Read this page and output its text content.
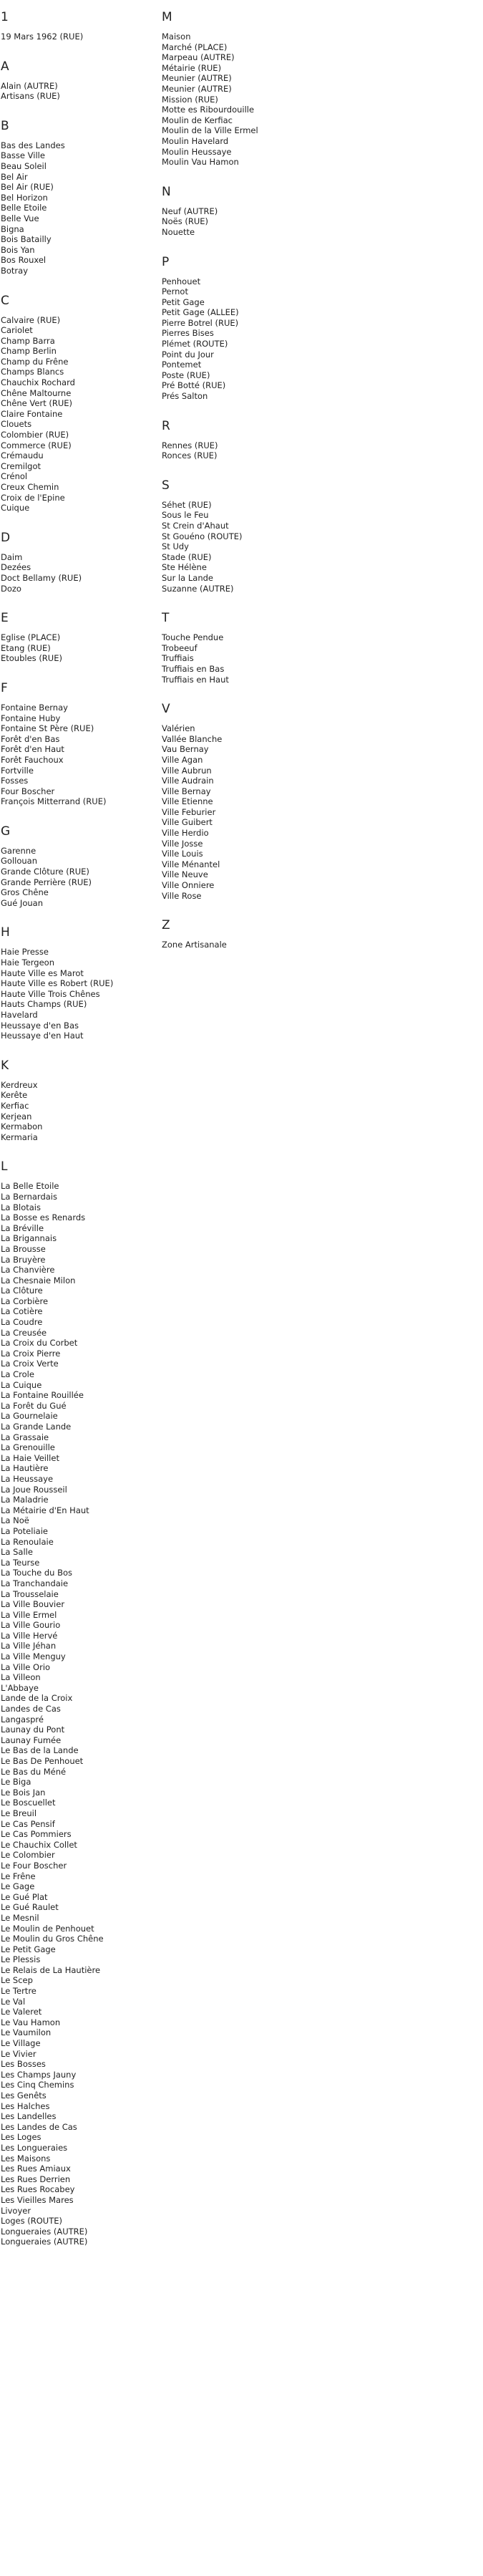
1
19 Mars 1962 (RUE)
A
Alain (AUTRE)
Artisans (RUE)
B
Bas des Landes
Basse Ville
Beau Soleil
Bel Air
Bel Air (RUE)
Bel Horizon
Belle Etoile
Belle Vue
Bigna
Bois Batailly
Bois Yan
Bos Rouxel
Botray
C
Calvaire (RUE)
Cariolet
Champ Barra
Champ Berlin
Champ du Frêne
Champs Blancs
Chauchix Rochard
Chêne Maltourne
Chêne Vert (RUE)
Claire Fontaine
Clouets
Colombier (RUE)
Commerce (RUE)
Crémaudu
Cremilgot
Crénol
Creux Chemin
Croix de l'Epine
Cuique
D
Daim
Dezées
Doct Bellamy (RUE)
Dozo
E
Eglise (PLACE)
Etang (RUE)
Etoubles (RUE)
F
Fontaine Bernay
Fontaine Huby
Fontaine St Père (RUE)
Forêt d'en Bas
Forêt d'en Haut
Forêt Fauchoux
Fortville
Fosses
Four Boscher
François Mitterrand (RUE)
G
Garenne
Gollouan
Grande Clôture (RUE)
Grande Perrière (RUE)
Gros Chêne
Gué Jouan
H
Haie Presse
Haie Tergeon
Haute Ville es Marot
Haute Ville es Robert (RUE)
Haute Ville Trois Chênes
Hauts Champs (RUE)
Havelard
Heussaye d'en Bas
Heussaye d'en Haut
K
Kerdreux
Kerête
Kerfiac
Kerjean
Kermabon
Kermaria
L
La Belle Etoile
La Bernardais
La Blotais
La Bosse es Renards
La Bréville
La Brigannais
La Brousse
La Bruyère
La Chanvière
La Chesnaie Milon
La Clôture
La Corbière
La Cotière
La Coudre
La Creusée
La Croix du Corbet
La Croix Pierre
La Croix Verte
La Crole
La Cuique
La Fontaine Rouillée
La Forêt du Gué
La Gournelaie
La Grande Lande
La Grassaie
La Grenouille
La Haie Veillet
La Hautière
La Heussaye
La Joue Rousseil
La Maladrie
La Métairie d'En Haut
La Noë
La Poteliaie
La Renoulaie
La Salle
La Teurse
La Touche du Bos
La Tranchandaie
La Trousselaie
La Ville Bouvier
La Ville Ermel
La Ville Gourio
La Ville Hervé
La Ville Jéhan
La Ville Menguy
La Ville Orio
La Villeon
L'Abbaye
Lande de la Croix
Landes de Cas
Langaspré
Launay du Pont
Launay Fumée
Le Bas de la Lande
Le Bas De Penhouet
Le Bas du Méné
Le Biga
Le Bois Jan
Le Boscuellet
Le Breuil
Le Cas Pensif
Le Cas Pommiers
Le Chauchix Collet
Le Colombier
Le Four Boscher
Le Frêne
Le Gage
Le Gué Plat
Le Gué Raulet
Le Mesnil
Le Moulin de Penhouet
Le Moulin du Gros Chêne
Le Petit Gage
Le Plessis
Le Relais de La Hautière
Le Scep
Le Tertre
Le Val
Le Valeret
Le Vau Hamon
Le Vaumilon
Le Village
Le Vivier
Les Bosses
Les Champs Jauny
Les Cinq Chemins
Les Genêts
Les Halches
Les Landelles
Les Landes de Cas
Les Loges
Les Longueraies
Les Maisons
Les Rues Amiaux
Les Rues Derrien
Les Rues Rocabey
Les Vieilles Mares
Livoyer
Loges (ROUTE)
Longueraies (AUTRE)
Longueraies (AUTRE)
M
Maison
Marché (PLACE)
Marpeau (AUTRE)
Métairie (RUE)
Meunier (AUTRE)
Meunier (AUTRE)
Mission (RUE)
Motte es Ribourdouille
Moulin de Kerfiac
Moulin de la Ville Ermel
Moulin Havelard
Moulin Heussaye
Moulin Vau Hamon
N
Neuf (AUTRE)
Noës (RUE)
Nouette
P
Penhouet
Pernot
Petit Gage
Petit Gage (ALLEE)
Pierre Botrel (RUE)
Pierres Bises
Plémet (ROUTE)
Point du Jour
Pontemet
Poste (RUE)
Pré Botté (RUE)
Prés Salton
R
Rennes (RUE)
Ronces (RUE)
S
Séhet (RUE)
Sous le Feu
St Crein d'Ahaut
St Gouéno (ROUTE)
St Udy
Stade (RUE)
Ste Hélène
Sur la Lande
Suzanne (AUTRE)
T
Touche Pendue
Trobeeuf
Truffiais
Truffiais en Bas
Truffiais en Haut
V
Valérien
Vallée Blanche
Vau Bernay
Ville Agan
Ville Aubrun
Ville Audrain
Ville Bernay
Ville Etienne
Ville Feburier
Ville Guibert
Ville Herdio
Ville Josse
Ville Louis
Ville Ménantel
Ville Neuve
Ville Onniere
Ville Rose
Z
Zone Artisanale
